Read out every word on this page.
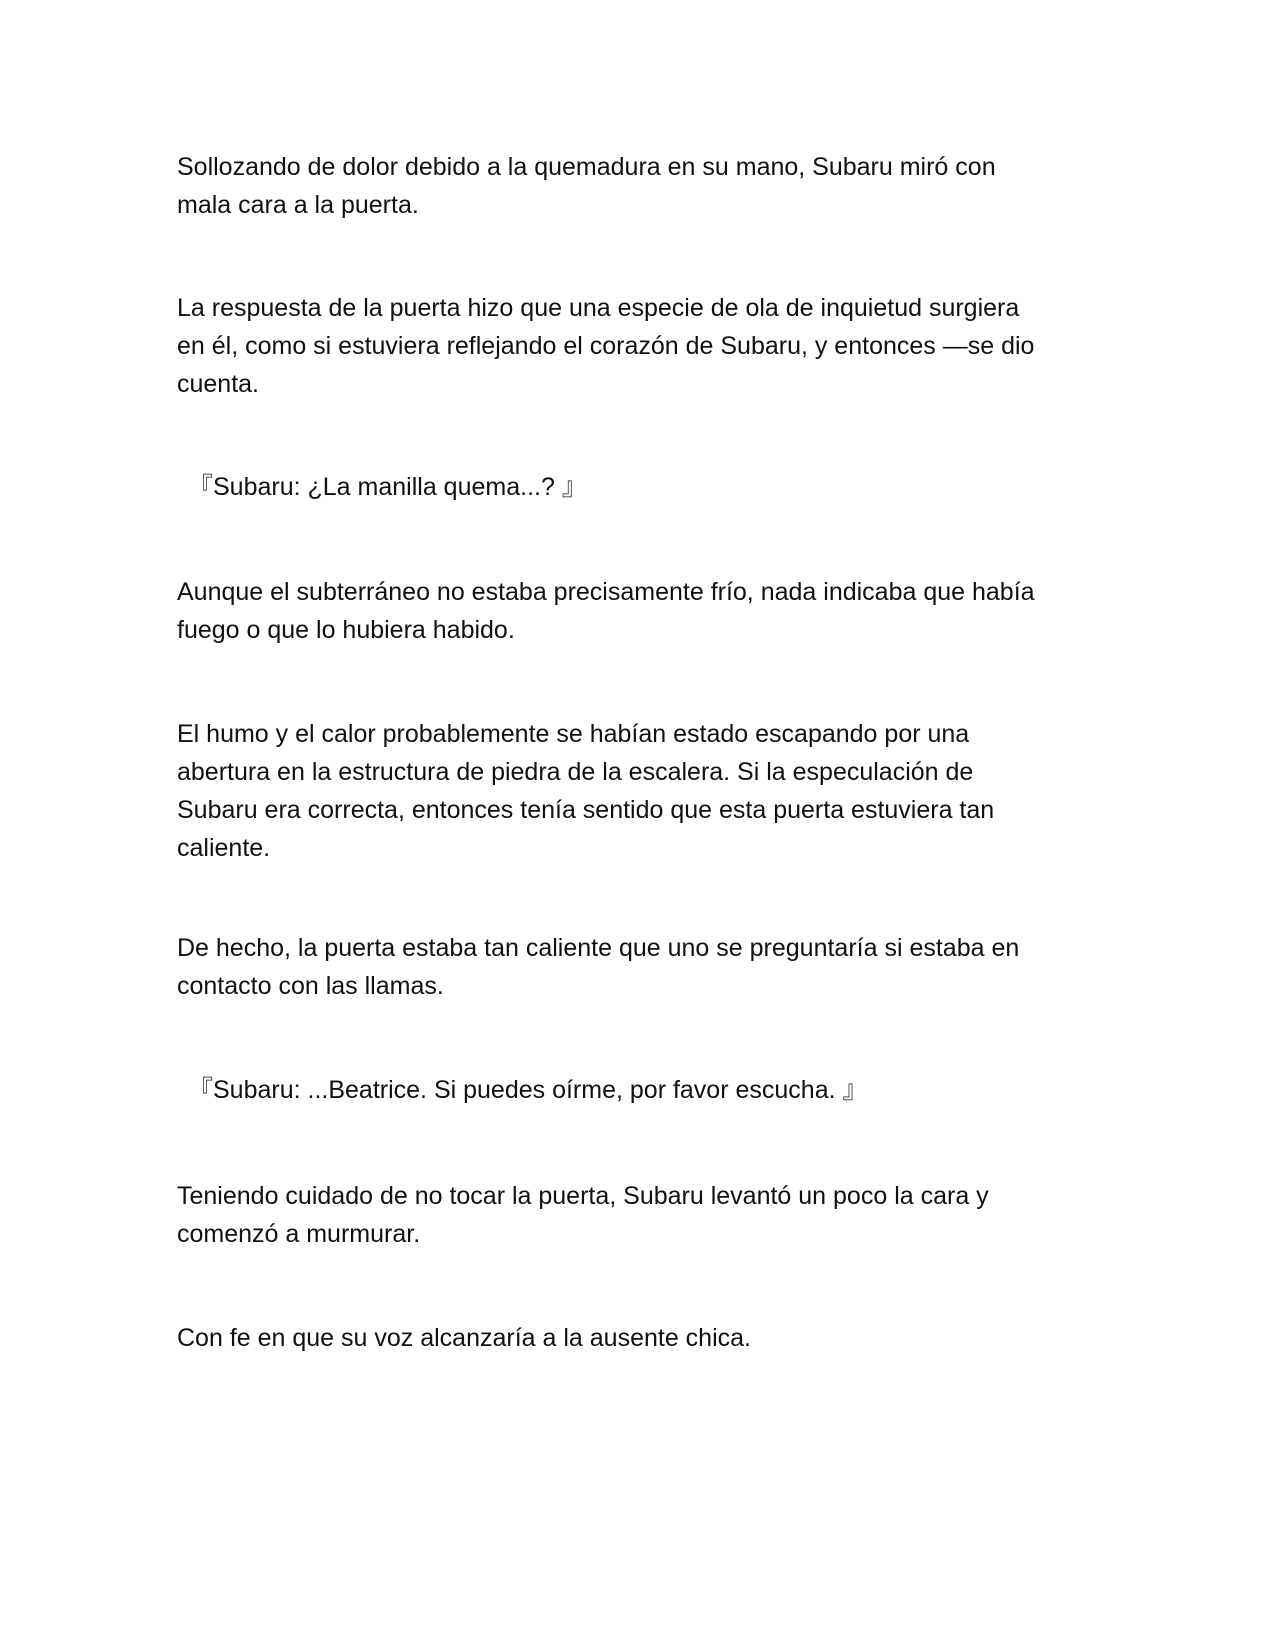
Sollozando de dolor debido a la quemadura en su mano, Subaru miró con
mala cara a la puerta.

La respuesta de la puerta hizo que una especie de ola de inquietud surgiera
en él, como si estuviera reflejando el corazón de Subaru, y entonces —se dio
cuenta.

『Subaru: ¿La manilla quema...? 』

Aunque el subterráneo no estaba precisamente frío, nada indicaba que había
fuego o que lo hubiera habido.

El humo y el calor probablemente se habían estado escapando por una
abertura en la estructura de piedra de la escalera. Si la especulación de
Subaru era correcta, entonces tenía sentido que esta puerta estuviera tan
caliente.

De hecho, la puerta estaba tan caliente que uno se preguntaría si estaba en
contacto con las llamas.

『Subaru: ...Beatrice. Si puedes oírme, por favor escucha. 』

Teniendo cuidado de no tocar la puerta, Subaru levantó un poco la cara y
comenzó a murmurar.

Con fe en que su voz alcanzaría a la ausente chica.
